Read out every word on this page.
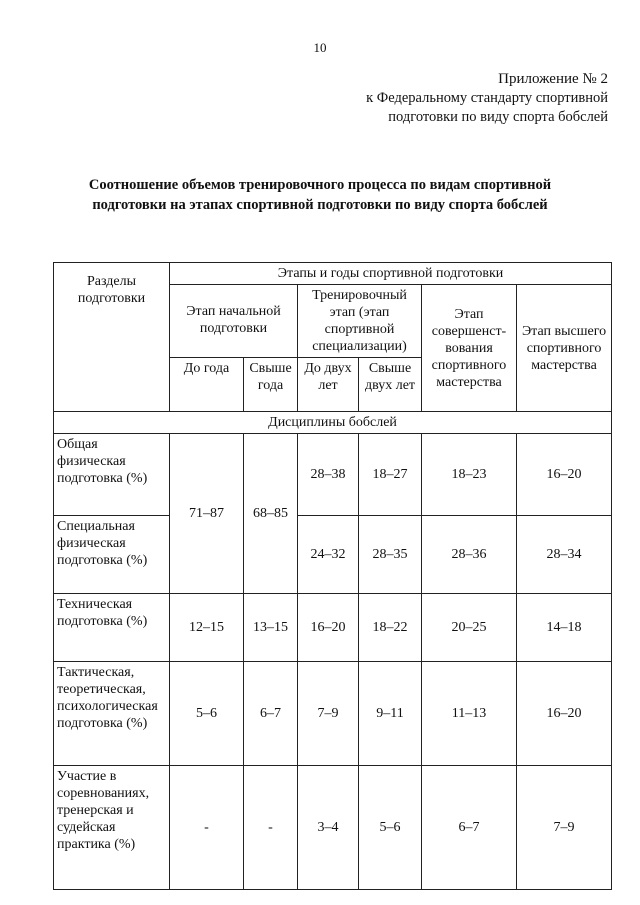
10
Приложение № 2
к Федеральному стандарту спортивной
подготовки по виду спорта бобслей
Соотношение объемов тренировочного процесса по видам спортивной
подготовки на этапах спортивной подготовки по виду спорта бобслей
Разделы подготовки	Этапы и годы спортивной подготовки					
	Этап начальной подготовки		Тренировочный этап (этап спортивной специализации)		Этап совершенст-вования спортивного мастерства	Этап высшего спортивного мастерства
	До года	Свыше года	До двух лет	Свыше двух лет		
Дисциплины бобслей						
Общая физическая подготовка (%)	71–87	68–85	28–38	18–27	18–23	16–20
Специальная физическая подготовка (%)			24–32	28–35	28–36	28–34
Техническая подготовка (%)	12–15	13–15	16–20	18–22	20–25	14–18
Тактическая, теоретическая, психологическая подготовка (%)	5–6	6–7	7–9	9–11	11–13	16–20
Участие в соревнованиях, тренерская и судейская практика (%)	-	-	3–4	5–6	6–7	7–9
